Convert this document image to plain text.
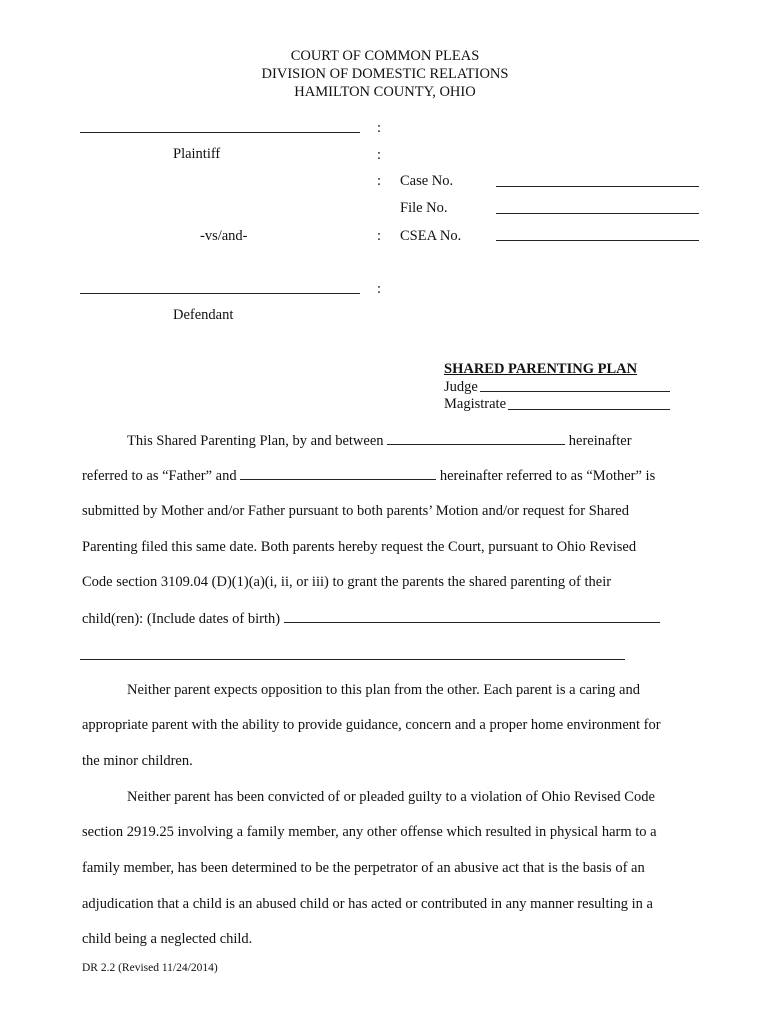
COURT OF COMMON PLEAS
DIVISION OF DOMESTIC RELATIONS
HAMILTON COUNTY, OHIO
Plaintiff
-vs/and-
Defendant
:
:
:
:
:
Case No.
File No.
CSEA No.
SHARED PARENTING PLAN
Judge
Magistrate
This Shared Parenting Plan, by and between	hereinafter
referred to as “Father” and	hereinafter referred to as “Mother” is
submitted by Mother and/or Father pursuant to both parents’ Motion and/or request for Shared
Parenting filed this same date. Both parents hereby request the Court, pursuant to Ohio Revised
Code section 3109.04 (D)(1)(a)(i, ii, or iii) to grant the parents the shared parenting of their
child(ren): (Include dates of birth)
Neither parent expects opposition to this plan from the other. Each parent is a caring and
appropriate parent with the ability to provide guidance, concern and a proper home environment for
the minor children.
Neither parent has been convicted of or pleaded guilty to a violation of Ohio Revised Code
section 2919.25 involving a family member, any other offense which resulted in physical harm to a
family member, has been determined to be the perpetrator of an abusive act that is the basis of an
adjudication that a child is an abused child or has acted or contributed in any manner resulting in a
child being a neglected child.
DR 2.2 (Revised 11/24/2014)
